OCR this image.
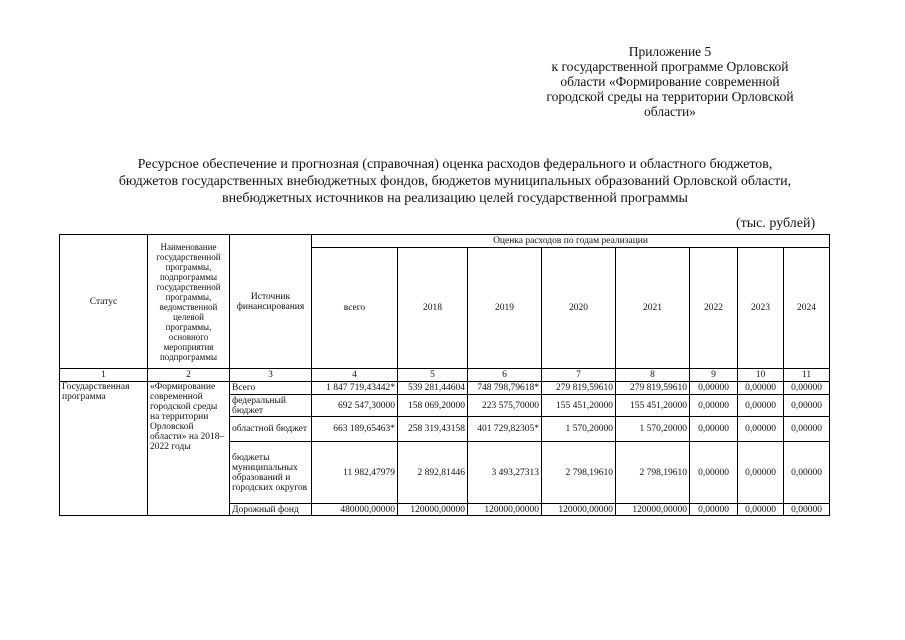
Приложение 5
к государственной программе Орловской
области «Формирование современной
городской среды на территории Орловской
области»
Ресурсное обеспечение и прогнозная (справочная) оценка расходов федерального и областного бюджетов,
бюджетов государственных внебюджетных фондов, бюджетов муниципальных образований Орловской области,
внебюджетных источников на реализацию целей государственной программы
(тыс. рублей)
Статус	Наименование государственной программы, подпрограммы государственной программы, ведомственной целевой программы, основного мероприятия подпрограммы	Источник финансирования	Оценка расходов по годам реализации							
			всего	2018	2019	2020	2021	2022	2023	2024
1	2	3	4	5	6	7	8	9	10	11
Государственная программа	«Формирование современной городской среды на территории Орловской области» на 2018–2022 годы	Всего	1 847 719,43442*	539 281,44604	748 798,79618*	279 819,59610	279 819,59610	0,00000	0,00000	0,00000
		федеральный бюджет	692 547,30000	158 069,20000	223 575,70000	155 451,20000	155 451,20000	0,00000	0,00000	0,00000
		областной бюджет	663 189,65463*	258 319,43158	401 729,82305*	1 570,20000	1 570,20000	0,00000	0,00000	0,00000
		бюджеты муниципальных образований и городских округов	11 982,47979	2 892,81446	3 493,27313	2 798,19610	2 798,19610	0,00000	0,00000	0,00000
		Дорожный фонд	480000,00000	120000,00000	120000,00000	120000,00000	120000,00000	0,00000	0,00000	0,00000
